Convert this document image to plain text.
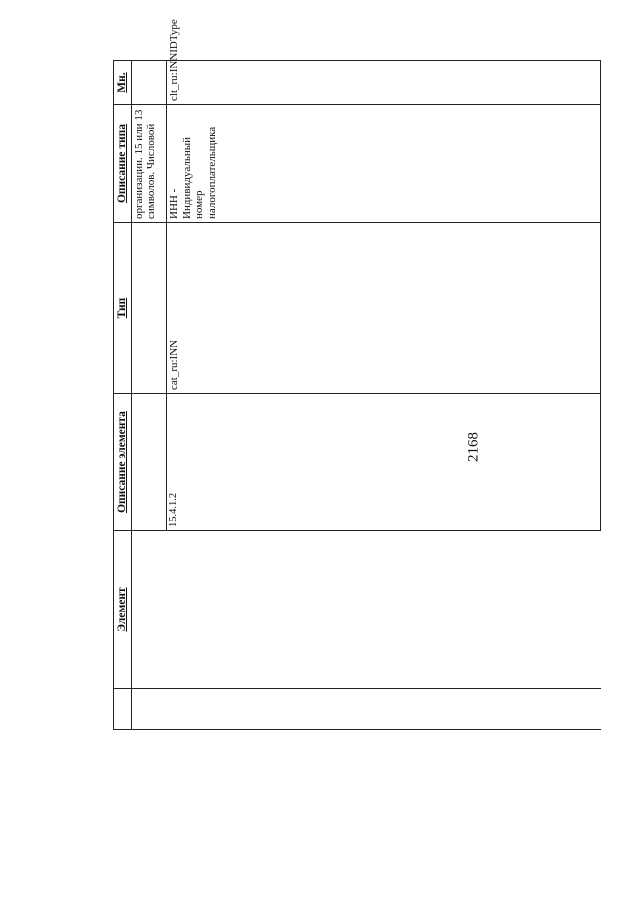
2168
	Элемент	Описание элемента	Тип	Описание типа	Мн.	
				организации. 15 или 13 символов. Числовой		
		15.4.1.2	cat_ru:INN	ИНН - Индивидуальный номер налогоплательщика	clt_ru:INNIDType		
